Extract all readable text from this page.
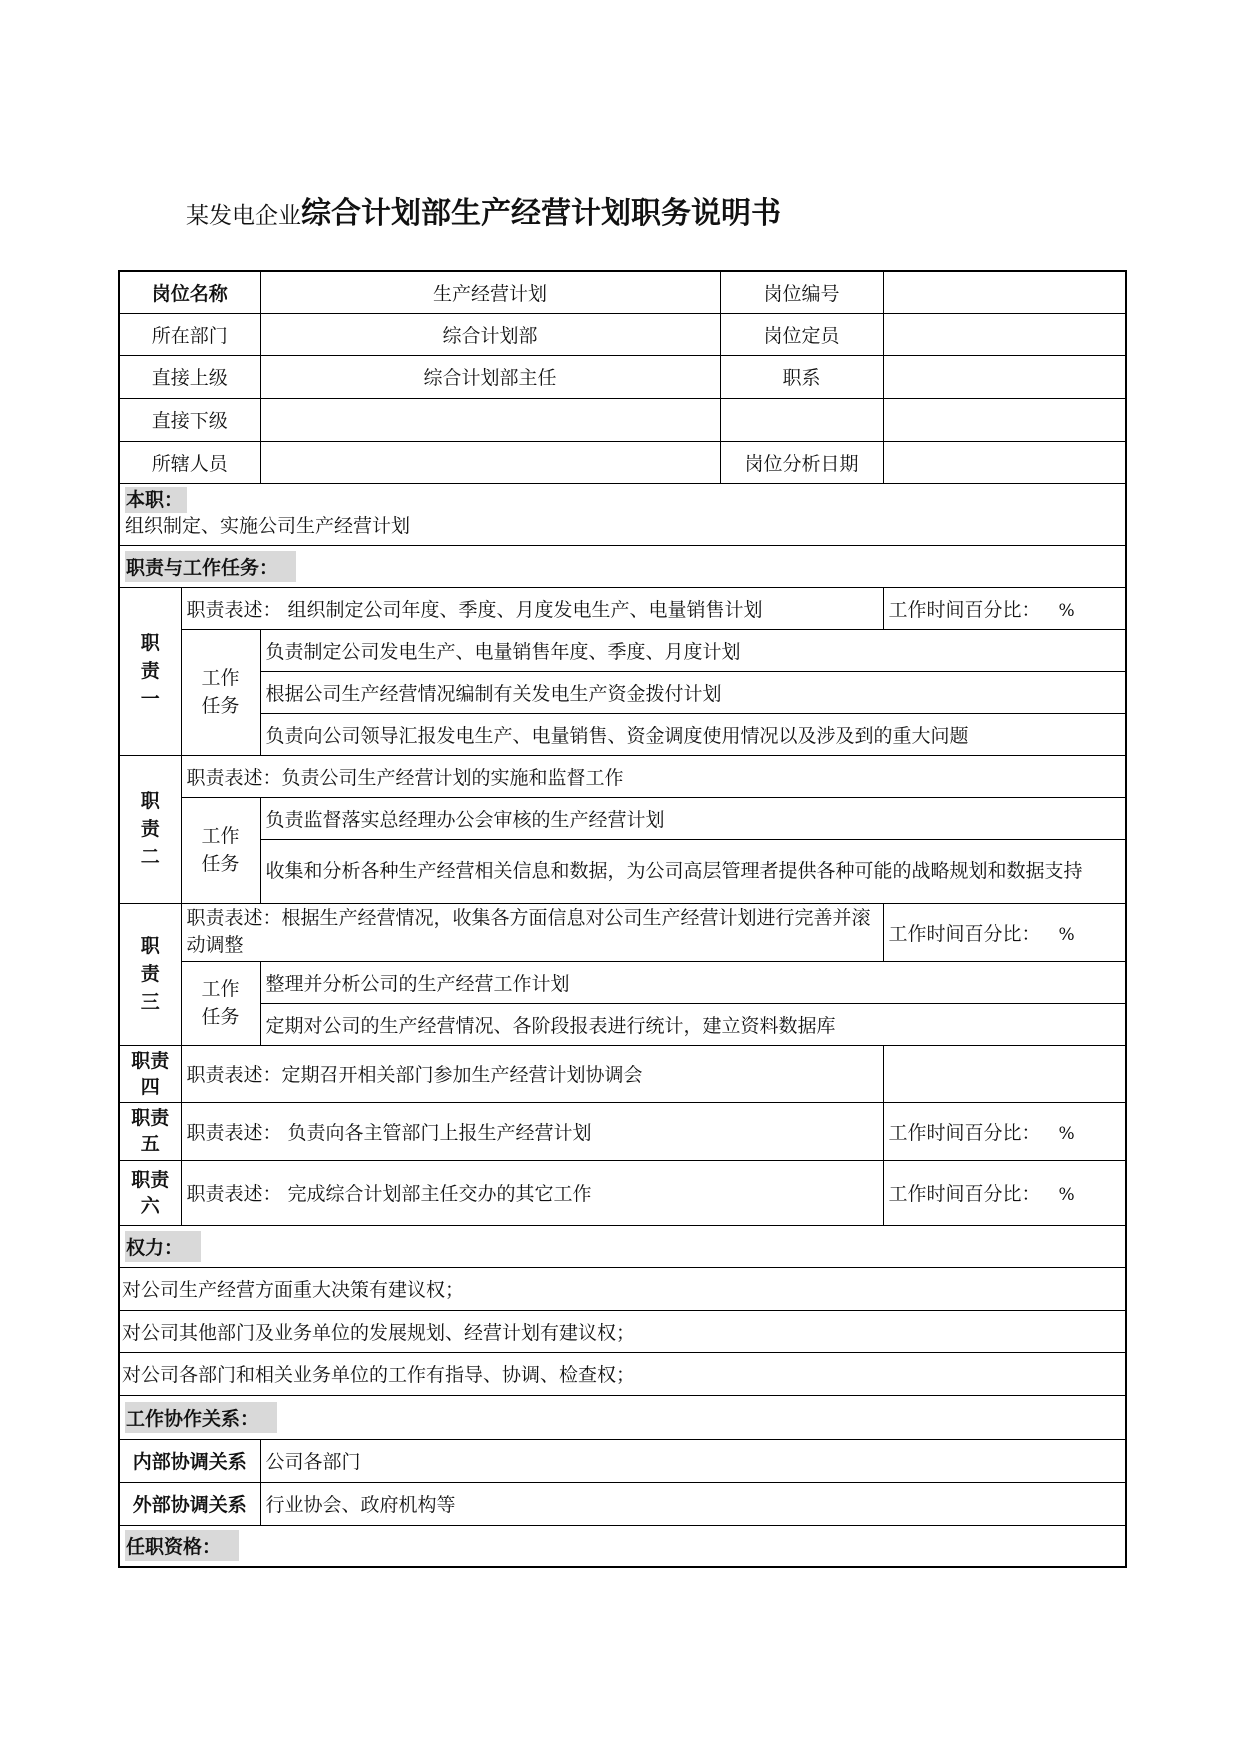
某发电企业综合计划部生产经营计划职务说明书
岗位名称		生产经营计划	岗位编号	
所在部门		综合计划部	岗位定员	
直接上级		综合计划部主任	职系	
直接下级				
所辖人员			岗位分析日期	

本职：
组织制定、实施公司生产经营计划				

职责与工作任务：				

职
责
一	职责表述： 组织制定公司年度、季度、月度发电生产、电量销售计划			工作时间百分比： %

	工作
任务	负责制定公司发电生产、电量销售年度、季度、月度计划		
		根据公司生产经营情况编制有关发电生产资金拨付计划		
		负责向公司领导汇报发电生产、电量销售、资金调度使用情况以及涉及到的重大问题		

职
责
二	职责表述：负责公司生产经营计划的实施和监督工作			

	工作
任务	负责监督落实总经理办公会审核的生产经营计划		
		收集和分析各种生产经营相关信息和数据，为公司高层管理者提供各种可能的战略规划和数据支持		

职
责
三	职责表述：根据生产经营情况，收集各方面信息对公司生产经营计划进行完善并滚动调整			工作时间百分比： %

	工作
任务	整理并分析公司的生产经营工作计划		
		定期对公司的生产经营情况、各阶段报表进行统计，建立资料数据库		

职责
四	职责表述：定期召开相关部门参加生产经营计划协调会			

职责
五	职责表述： 负责向各主管部门上报生产经营计划			工作时间百分比： %

职责
六	职责表述： 完成综合计划部主任交办的其它工作			工作时间百分比： %
权力：				
对公司生产经营方面重大决策有建议权；				
对公司其他部门及业务单位的发展规划、经营计划有建议权；				
对公司各部门和相关业务单位的工作有指导、协调、检查权；				
工作协作关系：				
内部协调关系		公司各部门		
外部协调关系		行业协会、政府机构等		
任职资格：				
